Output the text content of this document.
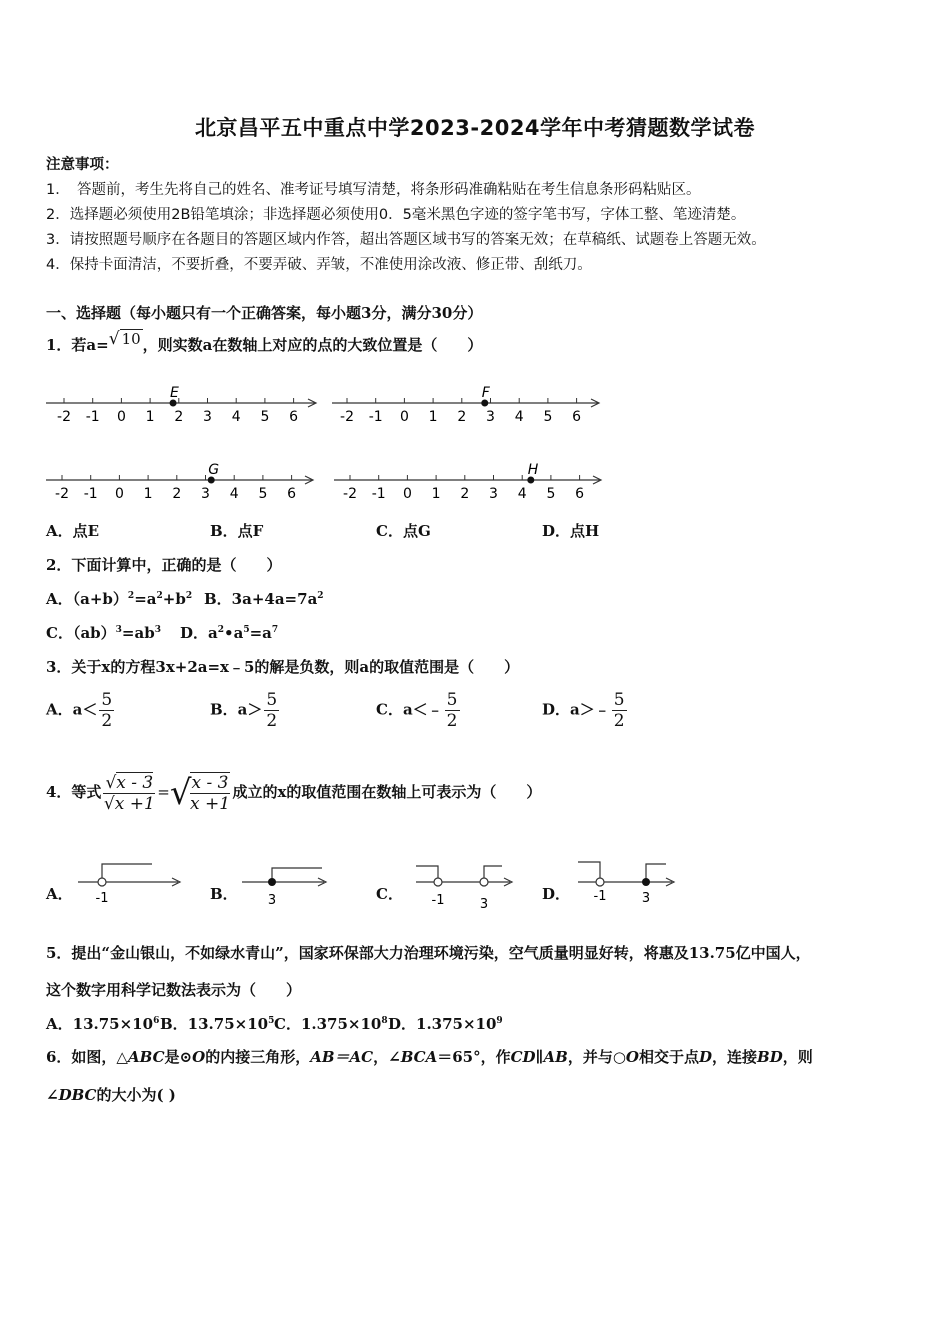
北京昌平五中重点中学2023-2024学年中考猜题数学试卷
注意事项：
1．　答题前，考生先将自己的姓名、准考证号填写清楚，将条形码准确粘贴在考生信息条形码粘贴区。
2．选择题必须使用2B铅笔填涂；非选择题必须使用0．5毫米黑色字迹的签字笔书写，字体工整、笔迹清楚。
3．请按照题号顺序在各题目的答题区域内作答，超出答题区域书写的答案无效；在草稿纸、试题卷上答题无效。
4．保持卡面清洁，不要折叠，不要弄破、弄皱，不准使用涂改液、修正带、刮纸刀。
一、选择题（每小题只有一个正确答案，每小题3分，满分30分）
1．若a=√ 10 ，则实数a在数轴上对应的点的大致位置是（　　）
-2 -1 0 1 2 3 4 5 6
E
-2 -1 0 1 2 3 4 5 6
F
-2 -1 0 1 2 3 4 5 6
G
-2 -1 0 1 2 3 4 5 6
H
A．点E	B．点F	C．点G	D．点H
2．下面计算中，正确的是（　　）
A．$(a+b)^2=a^2+b^2$ B．$3a+4a=7a^2$
C．$(ab)^3=ab^3$ D．$a^2•a^5=a^7$
3．关于x的方程3x+2a=x﹣5的解是负数，则a的取值范围是（　　）
A．$a< \frac{5}{2}$	B．$a> \frac{5}{2}$	C．a＜﹣ $\frac{5}{2}$	D．a＞﹣ $\frac{5}{2}$
4．等式 $\frac{√x - 3}{√x +1}$ =√
$\frac{x - 3}{x +1}$ 成立的x的取值范围在数轴上可表示为（　　）
A．	B．	C．	D．
-1	3	-1	3
-1	3
5．提出“金山银山，不如绿水青山”，国家环保部大力治理环境污染，空气质量明显好转，将惠及13.75亿中国人，
这个数字用科学记数法表示为（　　）
A．$13.75\times 10^6$ B．$13.75\times 10^5$ C．$1.375\times 10^8$ D．$1.375\times 10^9$
6．如图，△ABC是⊙O的内接三角形，AB＝AC，∠BCA＝65°，作CD∥AB，并与○O相交于点D，连接BD，则
∠DBC的大小为( )
